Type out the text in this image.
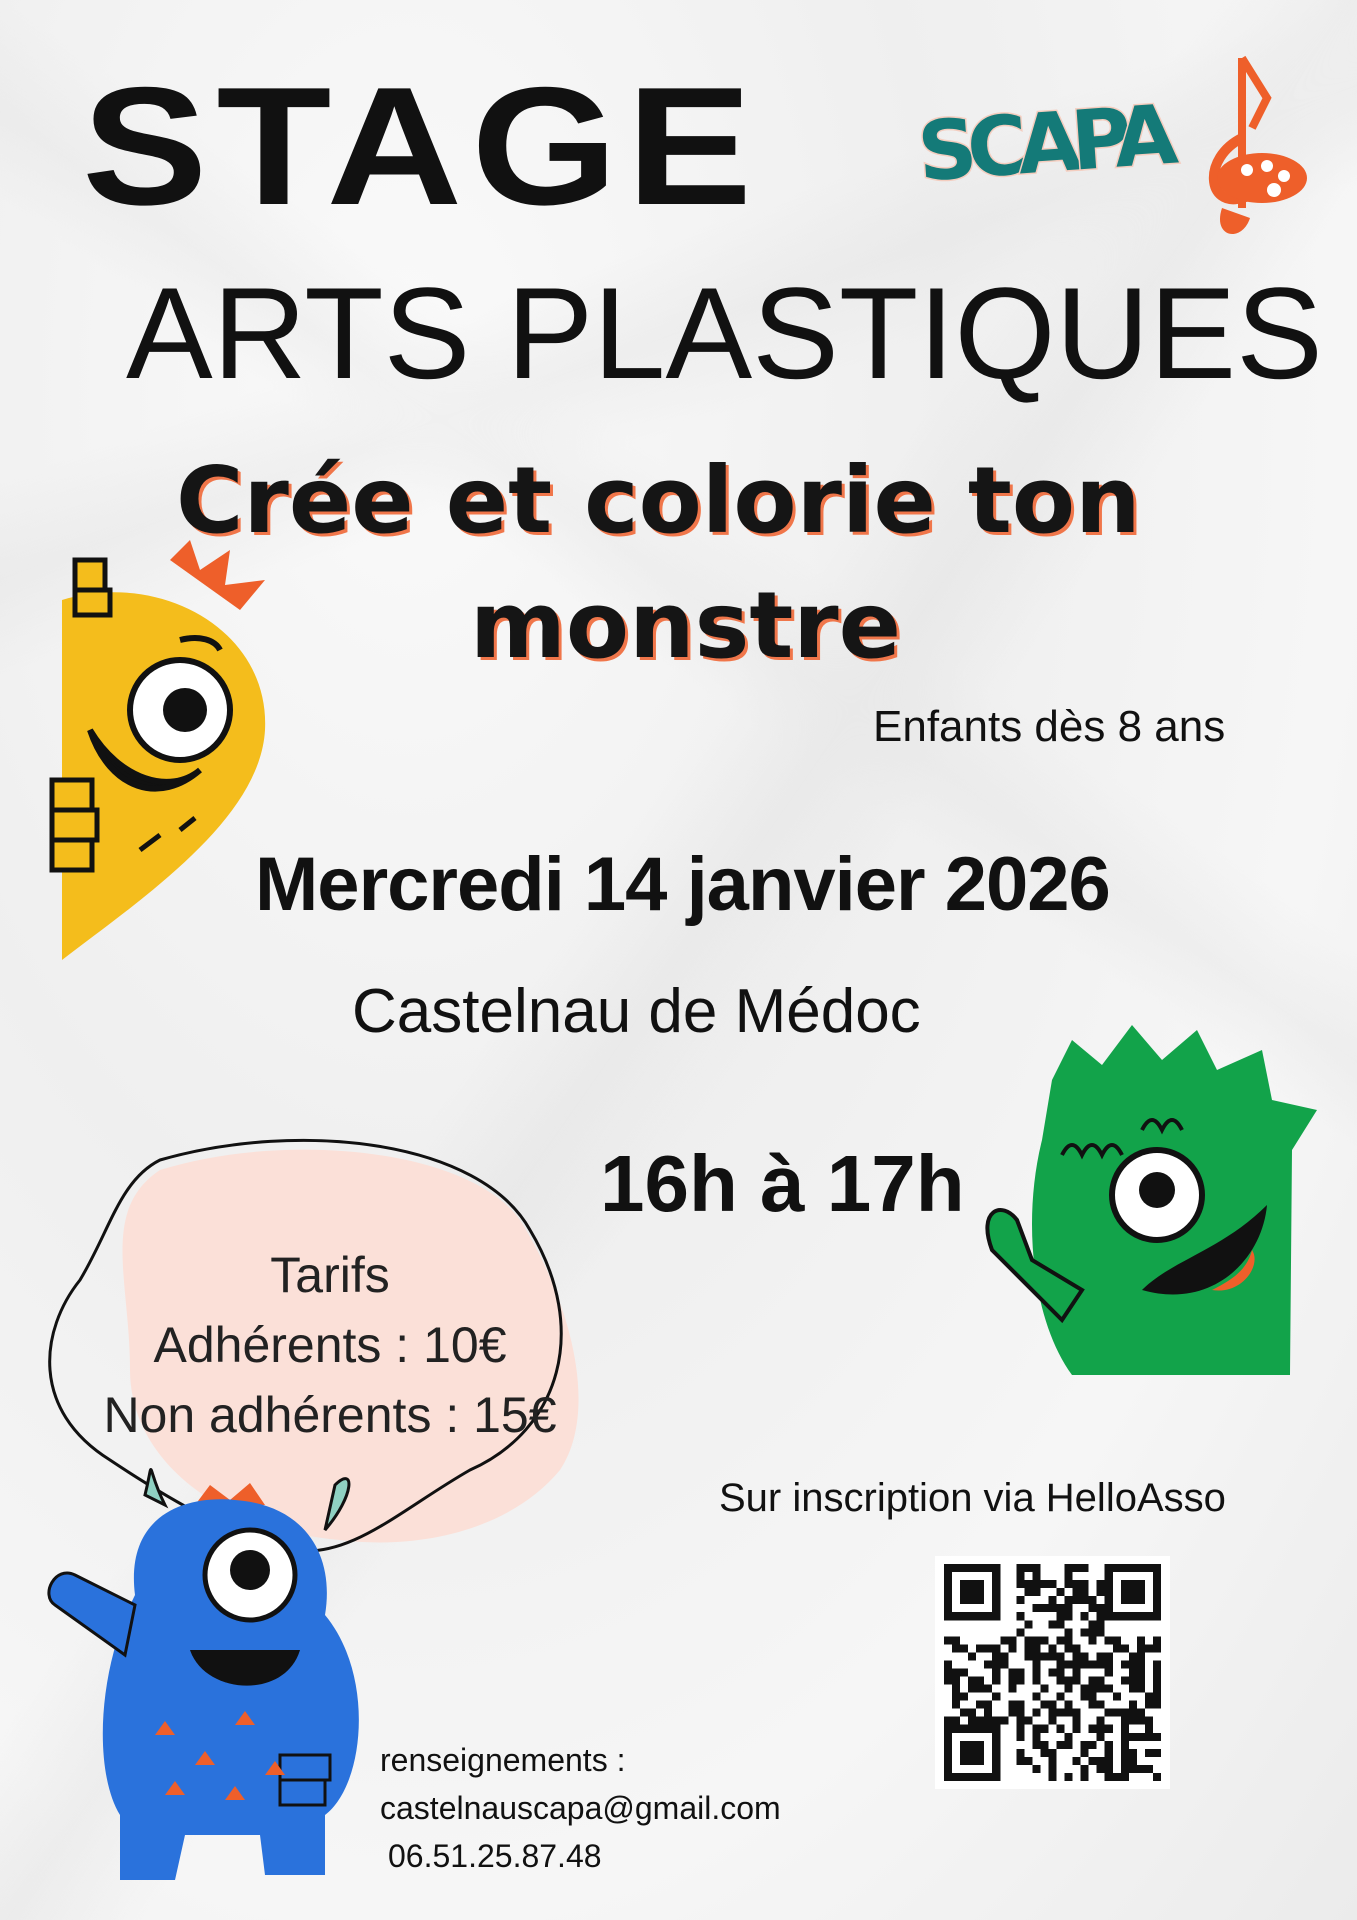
STAGE SCAPA
ARTS PLASTIQUES
Crée et colorie ton
monstre
Enfants dès 8 ans
Mercredi 14 janvier 2026
Castelnau de Médoc
16h à 17h
Tarifs
Adhérents : 10€
Non adhérents : 15€
Sur inscription via HelloAsso
renseignements :
castelnauscapa@gmail.com
06.51.25.87.48
